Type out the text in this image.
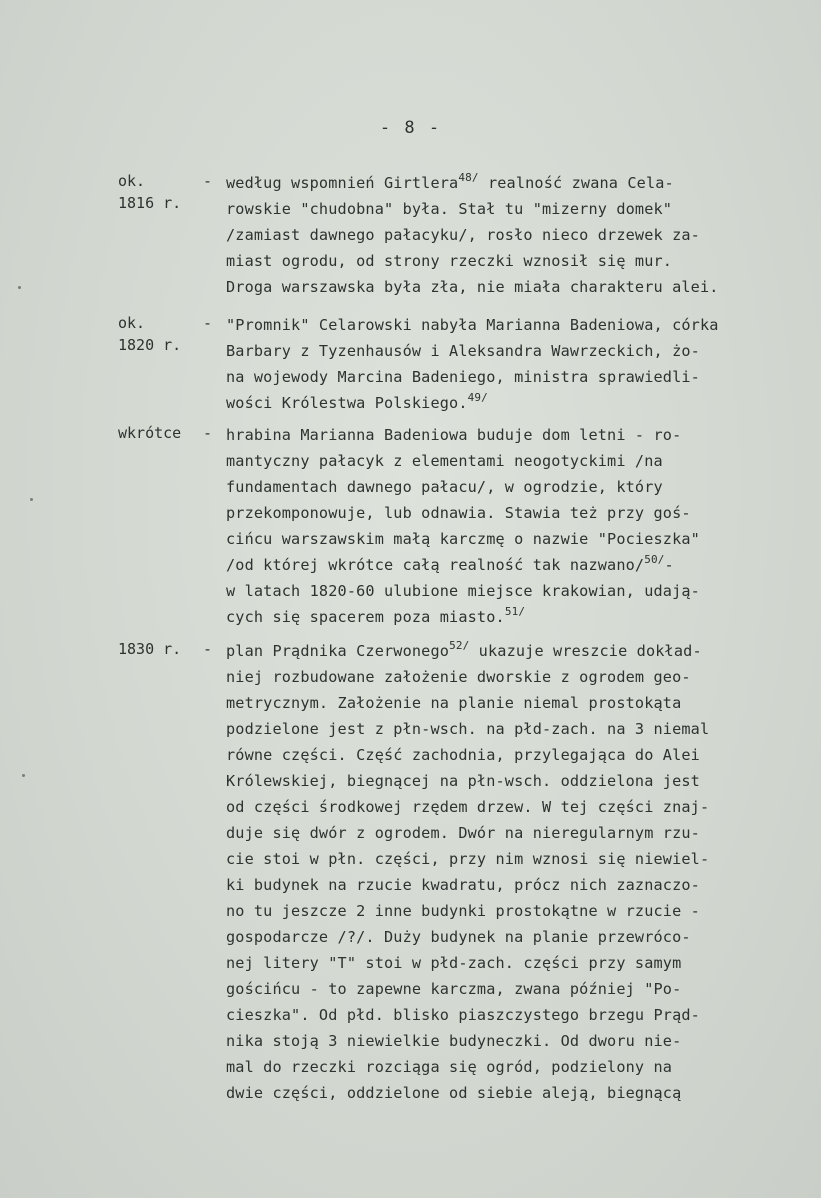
- 8 -
ok.
1816 r.
- według wspomnień Girtlera$^{48/}$ realność zwana Cela-
rowskie "chudobna" była. Stał tu "mizerny domek"
/zamiast dawnego pałacyku/, rosło nieco drzewek za-
miast ogrodu, od strony rzeczki wznosił się mur.
Droga warszawska była zła, nie miała charakteru alei.
ok.
1820 r.
- "Promnik" Celarowski nabyła Marianna Badeniowa, córka
Barbary z Tyzenhausów i Aleksandra Wawrzeckich, żo-
na wojewody Marcina Badeniego, ministra sprawiedli-
wości Królestwa Polskiego.$^{49/}$
wkrótce	- hrabina Marianna Badeniowa buduje dom letni - ro-
mantyczny pałacyk z elementami neogotyckimi /na
fundamentach dawnego pałacu/, w ogrodzie, który
przekomponowuje, lub odnawia. Stawia też przy goś-
cińcu warszawskim małą karczmę o nazwie "Pocieszka"
/od której wkrótce całą realność tak nazwano/$^{50/}$-
w latach 1820-60 ulubione miejsce krakowian, udają-
cych się spacerem poza miasto.$^{51/}$
1830 r.	- plan Prądnika Czerwonego$^{52/}$ ukazuje wreszcie dokład-
niej rozbudowane założenie dworskie z ogrodem geo-
metrycznym. Założenie na planie niemal prostokąta
podzielone jest z płn-wsch. na płd-zach. na 3 niemal
równe części. Część zachodnia, przylegająca do Alei
Królewskiej, biegnącej na płn-wsch. oddzielona jest
od części środkowej rzędem drzew. W tej części znaj-
duje się dwór z ogrodem. Dwór na nieregularnym rzu-
cie stoi w płn. części, przy nim wznosi się niewiel-
ki budynek na rzucie kwadratu, prócz nich zaznaczo-
no tu jeszcze 2 inne budynki prostokątne w rzucie -
gospodarcze /?/. Duży budynek na planie przewróco-
nej litery "T" stoi w płd-zach. części przy samym
gościńcu - to zapewne karczma, zwana później "Po-
cieszka". Od płd. blisko piaszczystego brzegu Prąd-
nika stoją 3 niewielkie budyneczki. Od dworu nie-
mal do rzeczki rozciąga się ogród, podzielony na
dwie części, oddzielone od siebie aleją, biegnącą
